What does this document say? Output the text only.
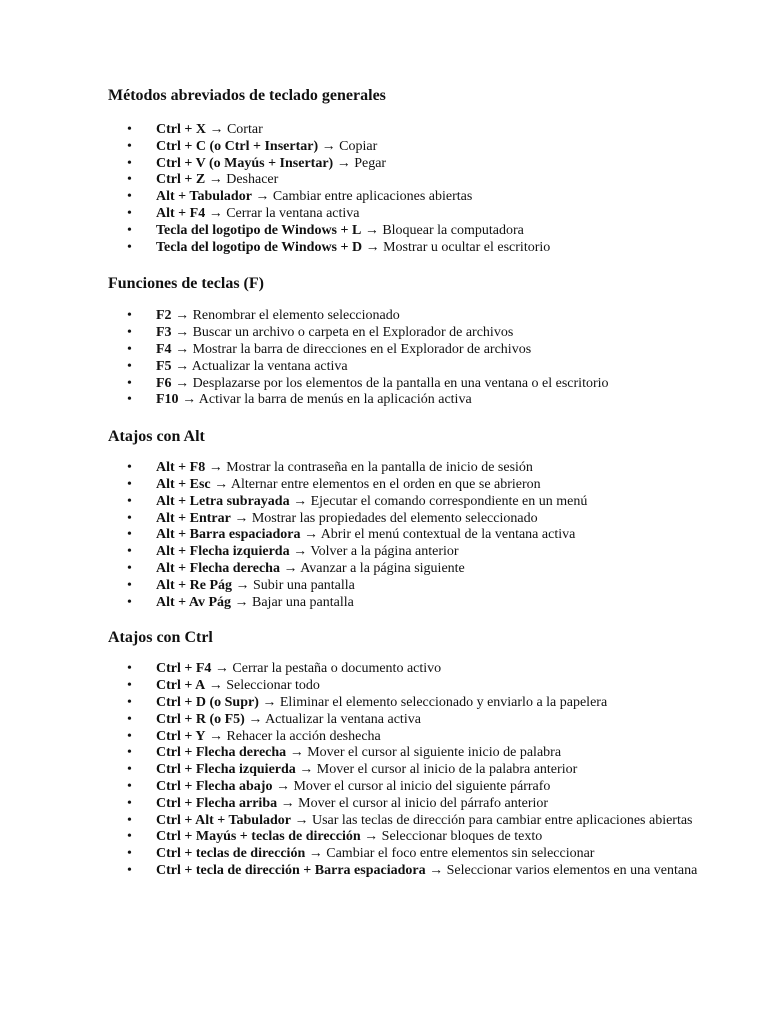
Métodos abreviados de teclado generales
• Ctrl + X → Cortar
• Ctrl + C (o Ctrl + Insertar) → Copiar
• Ctrl + V (o Mayús + Insertar) → Pegar
• Ctrl + Z → Deshacer
• Alt + Tabulador → Cambiar entre aplicaciones abiertas
• Alt + F4 → Cerrar la ventana activa
• Tecla del logotipo de Windows + L → Bloquear la computadora
• Tecla del logotipo de Windows + D → Mostrar u ocultar el escritorio
Funciones de teclas (F)
• F2 → Renombrar el elemento seleccionado
• F3 → Buscar un archivo o carpeta en el Explorador de archivos
• F4 → Mostrar la barra de direcciones en el Explorador de archivos
• F5 → Actualizar la ventana activa
• F6 → Desplazarse por los elementos de la pantalla en una ventana o el escritorio
• F10 → Activar la barra de menús en la aplicación activa
Atajos con Alt
• Alt + F8 → Mostrar la contraseña en la pantalla de inicio de sesión
• Alt + Esc → Alternar entre elementos en el orden en que se abrieron
• Alt + Letra subrayada → Ejecutar el comando correspondiente en un menú
• Alt + Entrar → Mostrar las propiedades del elemento seleccionado
• Alt + Barra espaciadora → Abrir el menú contextual de la ventana activa
• Alt + Flecha izquierda → Volver a la página anterior
• Alt + Flecha derecha → Avanzar a la página siguiente
• Alt + Re Pág → Subir una pantalla
• Alt + Av Pág → Bajar una pantalla
Atajos con Ctrl
• Ctrl + F4 → Cerrar la pestaña o documento activo
• Ctrl + A → Seleccionar todo
• Ctrl + D (o Supr) → Eliminar el elemento seleccionado y enviarlo a la papelera
• Ctrl + R (o F5) → Actualizar la ventana activa
• Ctrl + Y → Rehacer la acción deshecha
• Ctrl + Flecha derecha → Mover el cursor al siguiente inicio de palabra
• Ctrl + Flecha izquierda → Mover el cursor al inicio de la palabra anterior
• Ctrl + Flecha abajo → Mover el cursor al inicio del siguiente párrafo
• Ctrl + Flecha arriba → Mover el cursor al inicio del párrafo anterior
• Ctrl + Alt + Tabulador → Usar las teclas de dirección para cambiar entre aplicaciones abiertas
• Ctrl + Mayús + teclas de dirección → Seleccionar bloques de texto
• Ctrl + teclas de dirección → Cambiar el foco entre elementos sin seleccionar
• Ctrl + tecla de dirección + Barra espaciadora → Seleccionar varios elementos en una ventana
